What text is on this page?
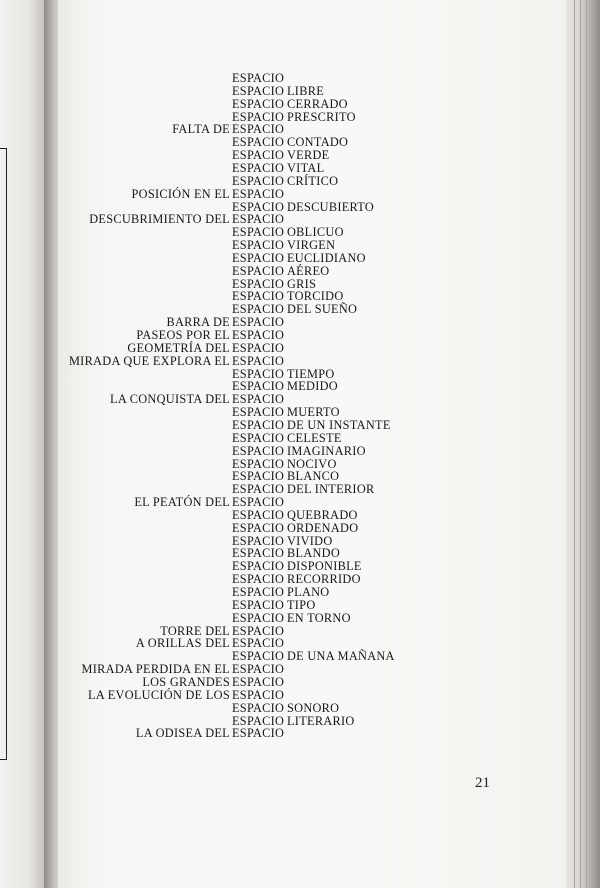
ESPACIO
ESPACIO LIBRE
ESPACIO CERRADO
ESPACIO PRESCRITO
FALTA DE ESPACIO
ESPACIO CONTADO
ESPACIO VERDE
ESPACIO VITAL
ESPACIO CRÍTICO
POSICIÓN EN EL ESPACIO
ESPACIO DESCUBIERTO
DESCUBRIMIENTO DEL ESPACIO
ESPACIO OBLICUO
ESPACIO VIRGEN
ESPACIO EUCLIDIANO
ESPACIO AÉREO
ESPACIO GRIS
ESPACIO TORCIDO
ESPACIO DEL SUEÑO
BARRA DE ESPACIO
PASEOS POR EL ESPACIO
GEOMETRÍA DEL ESPACIO
MIRADA QUE EXPLORA EL ESPACIO
ESPACIO TIEMPO
ESPACIO MEDIDO
LA CONQUISTA DEL ESPACIO
ESPACIO MUERTO
ESPACIO DE UN INSTANTE
ESPACIO CELESTE
ESPACIO IMAGINARIO
ESPACIO NOCIVO
ESPACIO BLANCO
ESPACIO DEL INTERIOR
EL PEATÓN DEL ESPACIO
ESPACIO QUEBRADO
ESPACIO ORDENADO
ESPACIO VIVIDO
ESPACIO BLANDO
ESPACIO DISPONIBLE
ESPACIO RECORRIDO
ESPACIO PLANO
ESPACIO TIPO
ESPACIO EN TORNO
TORRE DEL ESPACIO
A ORILLAS DEL ESPACIO
ESPACIO DE UNA MAÑANA
MIRADA PERDIDA EN EL ESPACIO
LOS GRANDES ESPACIO
LA EVOLUCIÓN DE LOS ESPACIO
ESPACIO SONORO
ESPACIO LITERARIO
LA ODISEA DEL ESPACIO
21
